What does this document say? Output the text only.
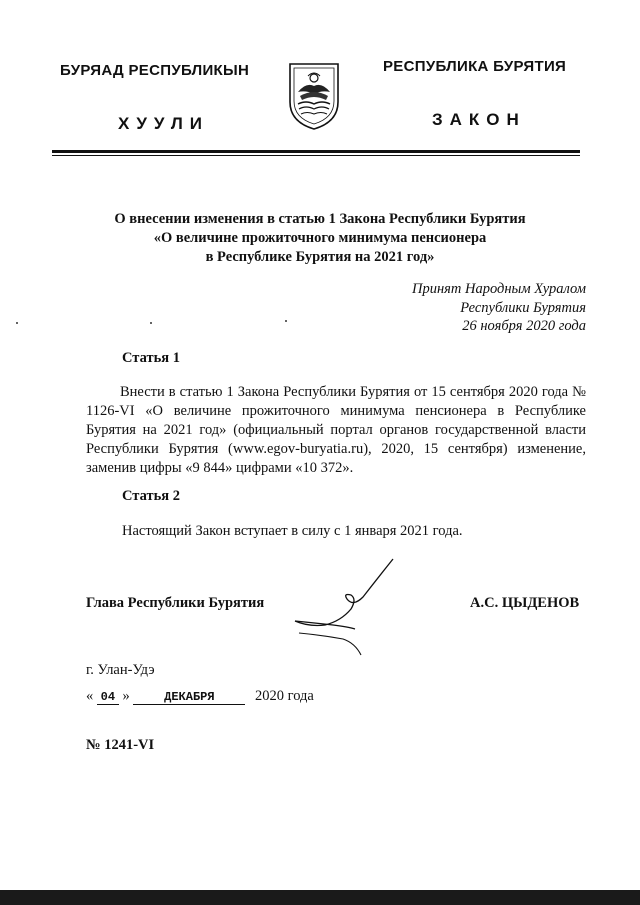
БУРЯАД РЕСПУБЛИКЫН
ХУУЛИ
РЕСПУБЛИКА БУРЯТИЯ
ЗАКОН
О внесении изменения в статью 1 Закона Республики Бурятия
«О величине прожиточного минимума пенсионера
в Республике Бурятия на 2021 год»
Принят Народным Хуралом
Республики Бурятия
26 ноября 2020 года
Статья 1

Внести в статью 1 Закона Республики Бурятия от 15 сентября 2020 года № 1126-VI «О величине прожиточного минимума пенсионера в Республике Бурятия на 2021 год» (официальный портал органов государственной власти Республики Бурятия (www.egov-buryatia.ru), 2020, 15 сентября) изменение, заменив цифры «9 844» цифрами «10 372».

Статья 2

Настоящий Закон вступает в силу с 1 января 2021 года.

Глава Республики Бурятия	А.С. ЦЫДЕНОВ
г. Улан-Удэ
« 04 »	ДЕКАБРЯ	2020 года
№ 1241-VI
